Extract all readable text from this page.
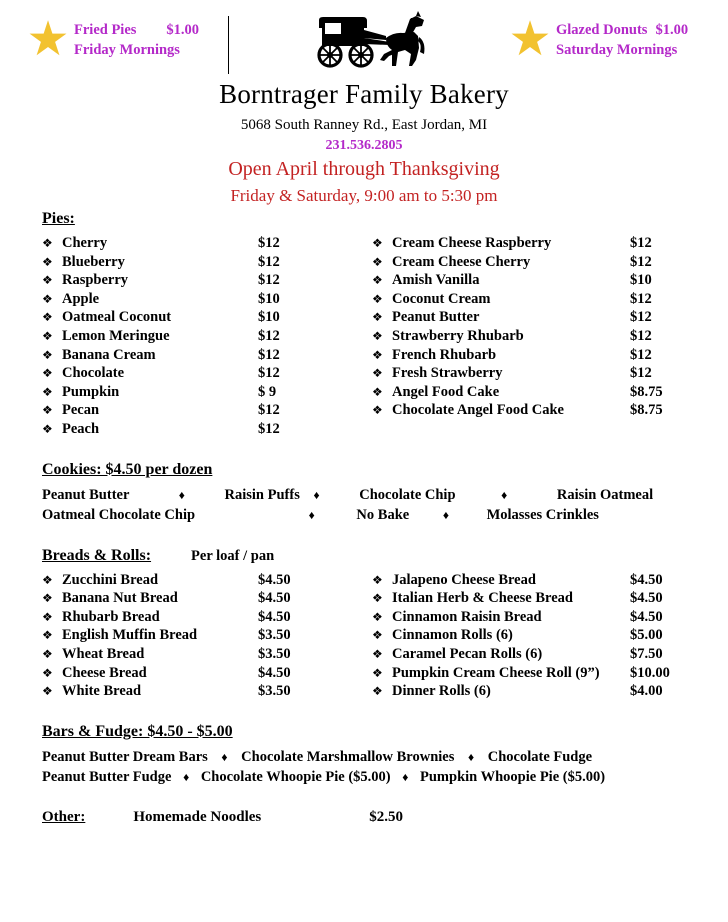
★ Fried Pies $1.00
Friday Mornings	★ Glazed Donuts $1.00
Saturday Mornings
Borntrager Family Bakery
5068 South Ranney Rd., East Jordan, MI
231.536.2805
Open April through Thanksgiving
Friday & Saturday, 9:00 am to 5:30 pm
Pies:
❖ Cherry	$12
❖ Blueberry	$12
❖ Raspberry	$12
❖ Apple	$10
❖ Oatmeal Coconut	$10
❖ Lemon Meringue	$12
❖ Banana Cream	$12
❖ Chocolate	$12
❖ Pumpkin	$ 9
❖ Pecan	$12
❖ Peach	$12
❖ Cream Cheese Raspberry	$12
❖ Cream Cheese Cherry	$12
❖ Amish Vanilla	$10
❖ Coconut Cream	$12
❖ Peanut Butter	$12
❖ Strawberry Rhubarb	$12
❖ French Rhubarb	$12
❖ Fresh Strawberry	$12
❖ Angel Food Cake	$8.75
❖ Chocolate Angel Food Cake	$8.75
Cookies: $4.50 per dozen
Peanut Butter	♦	Raisin Puffs ♦	Chocolate Chip	♦	Raisin Oatmeal
Oatmeal Chocolate Chip	♦	No Bake	♦	Molasses Crinkles
Breads & Rolls:	Per loaf / pan
❖ Zucchini Bread	$4.50
❖ Banana Nut Bread	$4.50
❖ Rhubarb Bread	$4.50
❖ English Muffin Bread	$3.50
❖ Wheat Bread	$3.50
❖ Cheese Bread	$4.50
❖ White Bread	$3.50
❖ Jalapeno Cheese Bread	$4.50
❖ Italian Herb & Cheese Bread	$4.50
❖ Cinnamon Raisin Bread	$4.50
❖ Cinnamon Rolls (6)	$5.00
❖ Caramel Pecan Rolls (6)	$7.50
❖ Pumpkin Cream Cheese Roll (9”) $10.00
❖ Dinner Rolls (6)	$4.00
Bars & Fudge: $4.50 - $5.00
Peanut Butter Dream Bars ♦ Chocolate Marshmallow Brownies ♦ Chocolate Fudge
Peanut Butter Fudge ♦ Chocolate Whoopie Pie ($5.00) ♦ Pumpkin Whoopie Pie ($5.00)
Other:	Homemade Noodles	$2.50
